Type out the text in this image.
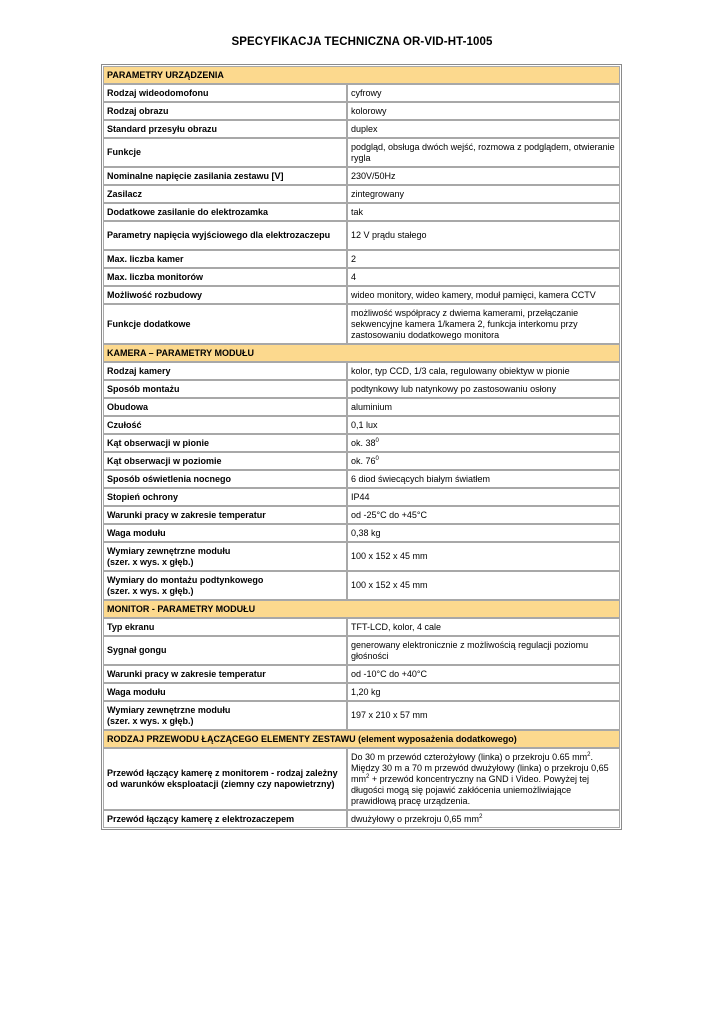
SPECYFIKACJA TECHNICZNA OR-VID-HT-1005
PARAMETRY URZĄDZENIA	
Rodzaj wideodomofonu	cyfrowy
Rodzaj obrazu	kolorowy
Standard przesyłu obrazu	duplex
Funkcje	podgląd, obsługa dwóch wejść, rozmowa z podglądem, otwieranie rygla
Nominalne napięcie zasilania zestawu [V]	230V/50Hz
Zasilacz	zintegrowany
Dodatkowe zasilanie do elektrozamka	tak
Parametry napięcia wyjściowego dla elektrozaczepu	12 V prądu stałego
Max. liczba kamer	2
Max. liczba monitorów	4
Możliwość rozbudowy	wideo monitory, wideo kamery, moduł pamięci, kamera CCTV
Funkcje dodatkowe	możliwość współpracy z dwiema kamerami, przełączanie sekwencyjne kamera 1/kamera 2, funkcja interkomu przy zastosowaniu dodatkowego monitora
KAMERA – PARAMETRY MODUŁU	
Rodzaj kamery	kolor, typ CCD, 1/3 cala, regulowany obiektyw w pionie
Sposób montażu	podtynkowy lub natynkowy po zastosowaniu osłony
Obudowa	aluminium
Czułość	0,1 lux
Kąt obserwacji w pionie	ok. $38^0$
Kąt obserwacji w poziomie	ok. $76^0$
Sposób oświetlenia nocnego	6 diod świecących białym światłem
Stopień ochrony	IP44
Warunki pracy w zakresie temperatur	od -25°C do +45°C
Waga modułu	0,38 kg
Wymiary zewnętrzne modułu
(szer. x wys. x głęb.)	100 x 152 x 45 mm
Wymiary do montażu podtynkowego
(szer. x wys. x głęb.)	100 x 152 x 45 mm
MONITOR - PARAMETRY MODUŁU	
Typ ekranu	TFT-LCD, kolor, 4 cale
Sygnał gongu	generowany elektronicznie z możliwością regulacji poziomu głośności
Warunki pracy w zakresie temperatur	od -10°C do +40°C
Waga modułu	1,20 kg
Wymiary zewnętrzne modułu
(szer. x wys. x głęb.)	197 x 210 x 57 mm
RODZAJ PRZEWODU ŁĄCZĄCEGO ELEMENTY ZESTAWU (element wyposażenia dodatkowego)	
Przewód łączący kamerę z monitorem - rodzaj zależny od warunków eksploatacji (ziemny czy napowietrzny)	Do 30 m przewód czterożyłowy (linka) o przekroju 0.65 $mm^2$. Między 30 m a 70 m przewód dwużyłowy (linka) o przekroju 0,65 $mm^2$ + przewód koncentryczny na GND i Video. Powyżej tej długości mogą się pojawić zakłócenia uniemożliwiające prawidłową pracę urządzenia.
Przewód łączący kamerę z elektrozaczepem	dwużyłowy o przekroju 0,65 $mm^2$
